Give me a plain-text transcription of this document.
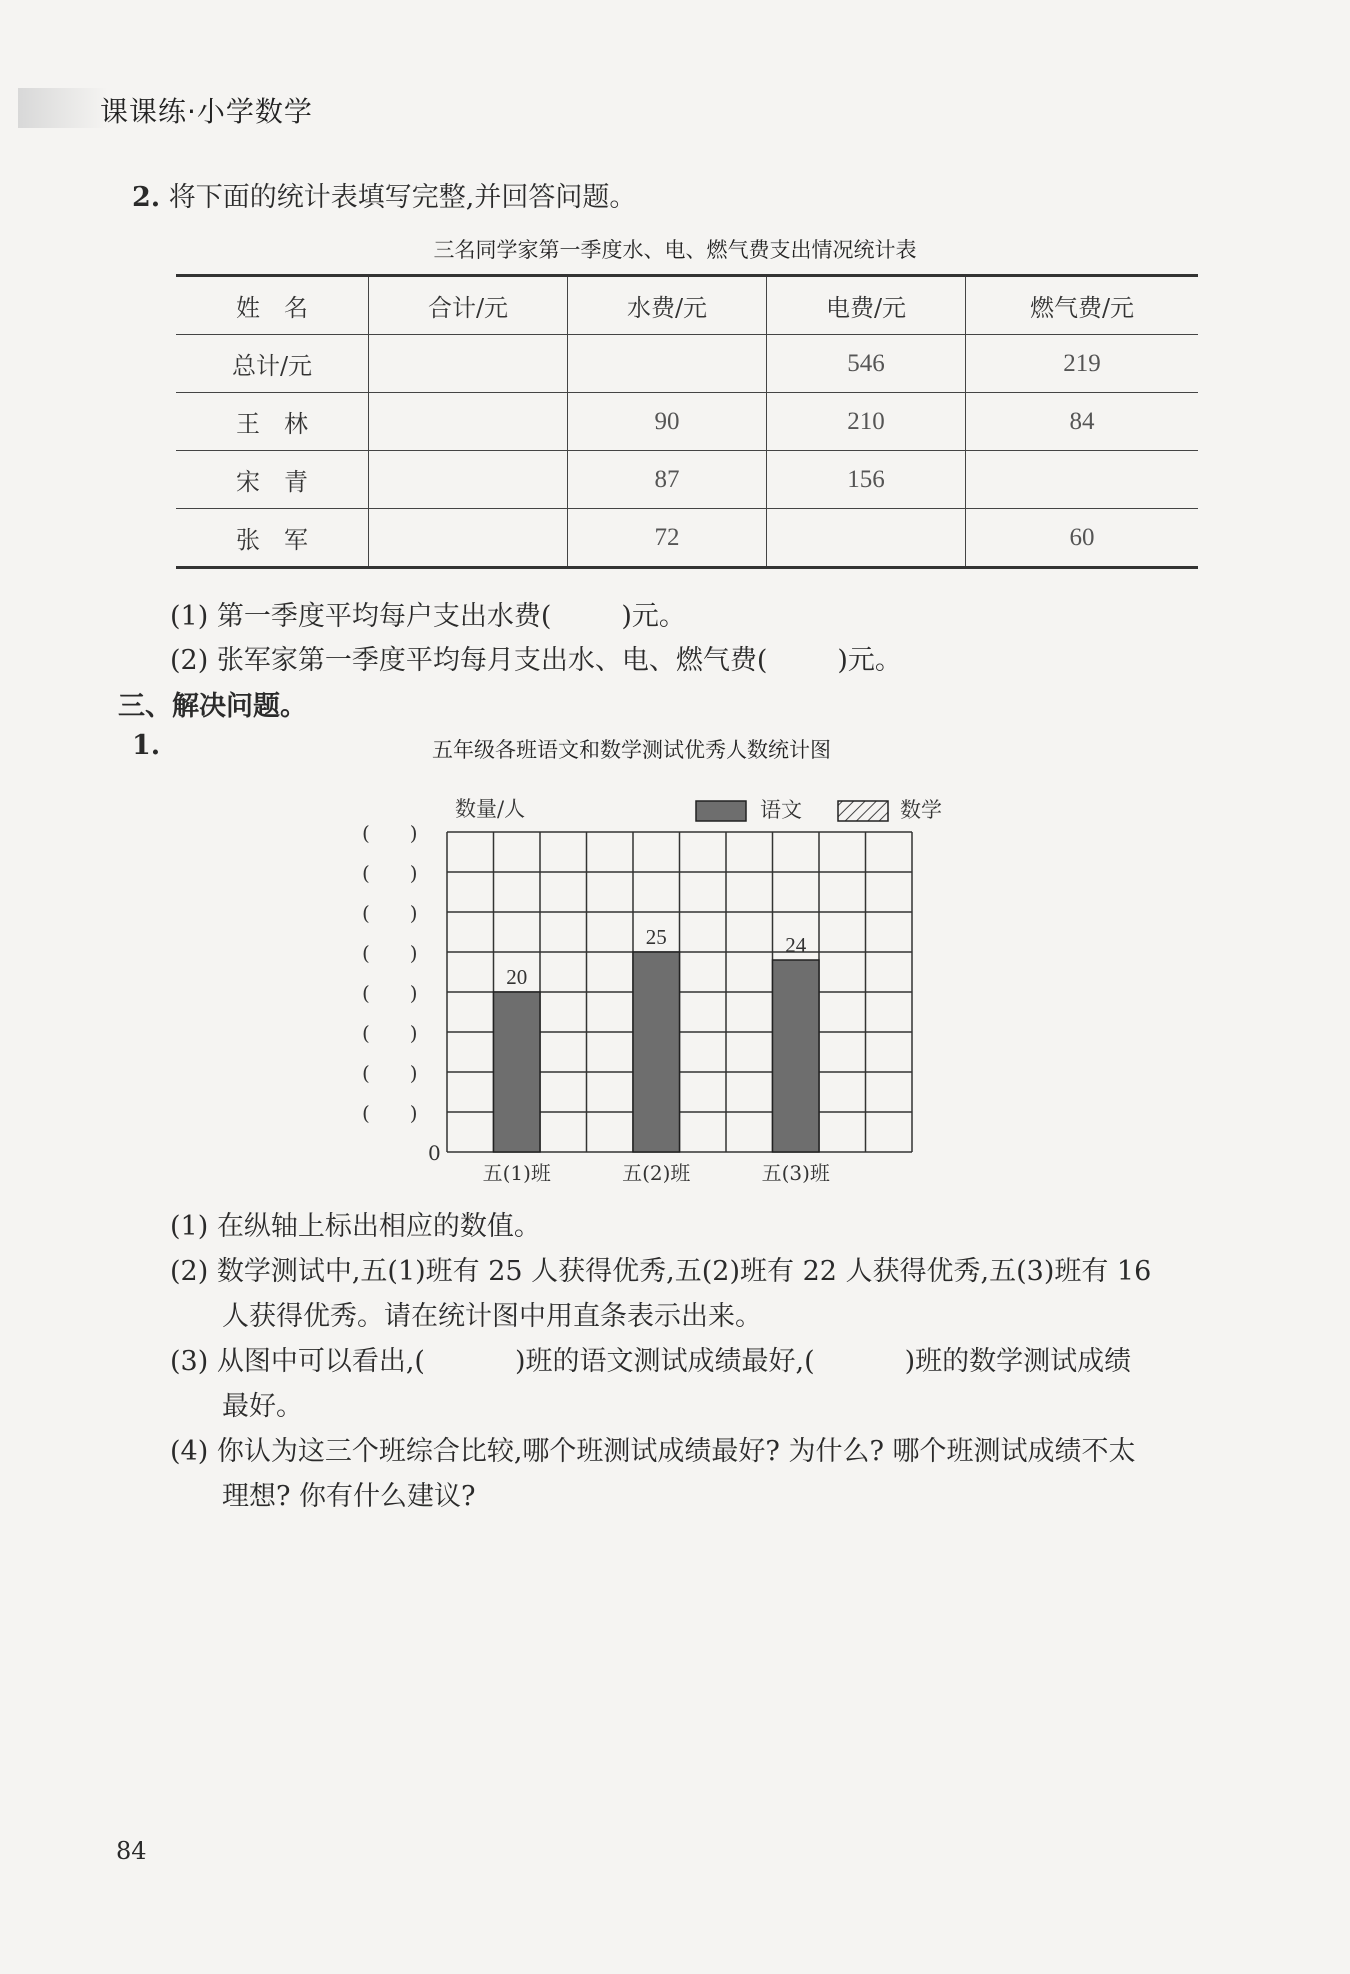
课课练·小学数学
2. 将下面的统计表填写完整,并回答问题。
三名同学家第一季度水、电、燃气费支出情况统计表
姓　名	合计/元	水费/元	电费/元	燃气费/元
总计/元			546	219
王　林		90	210	84
宋　青		87	156	
张　军		72		60
(1) 第一季度平均每户支出水费(	)元。
(2) 张军家第一季度平均每月支出水、电、燃气费(	)元。
三、解决问题。
1.	五年级各班语文和数学测试优秀人数统计图
(　　)
(　　)
(　　)
(　　)
(　　)
(　　)
(　　)
(　　)
0
20
五(1)班
25
五(2)班
24
五(3)班
数量/人	语文	数学
(1) 在纵轴上标出相应的数值。
(2) 数学测试中,五(1)班有 25 人获得优秀,五(2)班有 22 人获得优秀,五(3)班有 16
人获得优秀。请在统计图中用直条表示出来。
(3) 从图中可以看出,(	)班的语文测试成绩最好,(	)班的数学测试成绩
最好。
(4) 你认为这三个班综合比较,哪个班测试成绩最好? 为什么? 哪个班测试成绩不太
理想? 你有什么建议?
84
